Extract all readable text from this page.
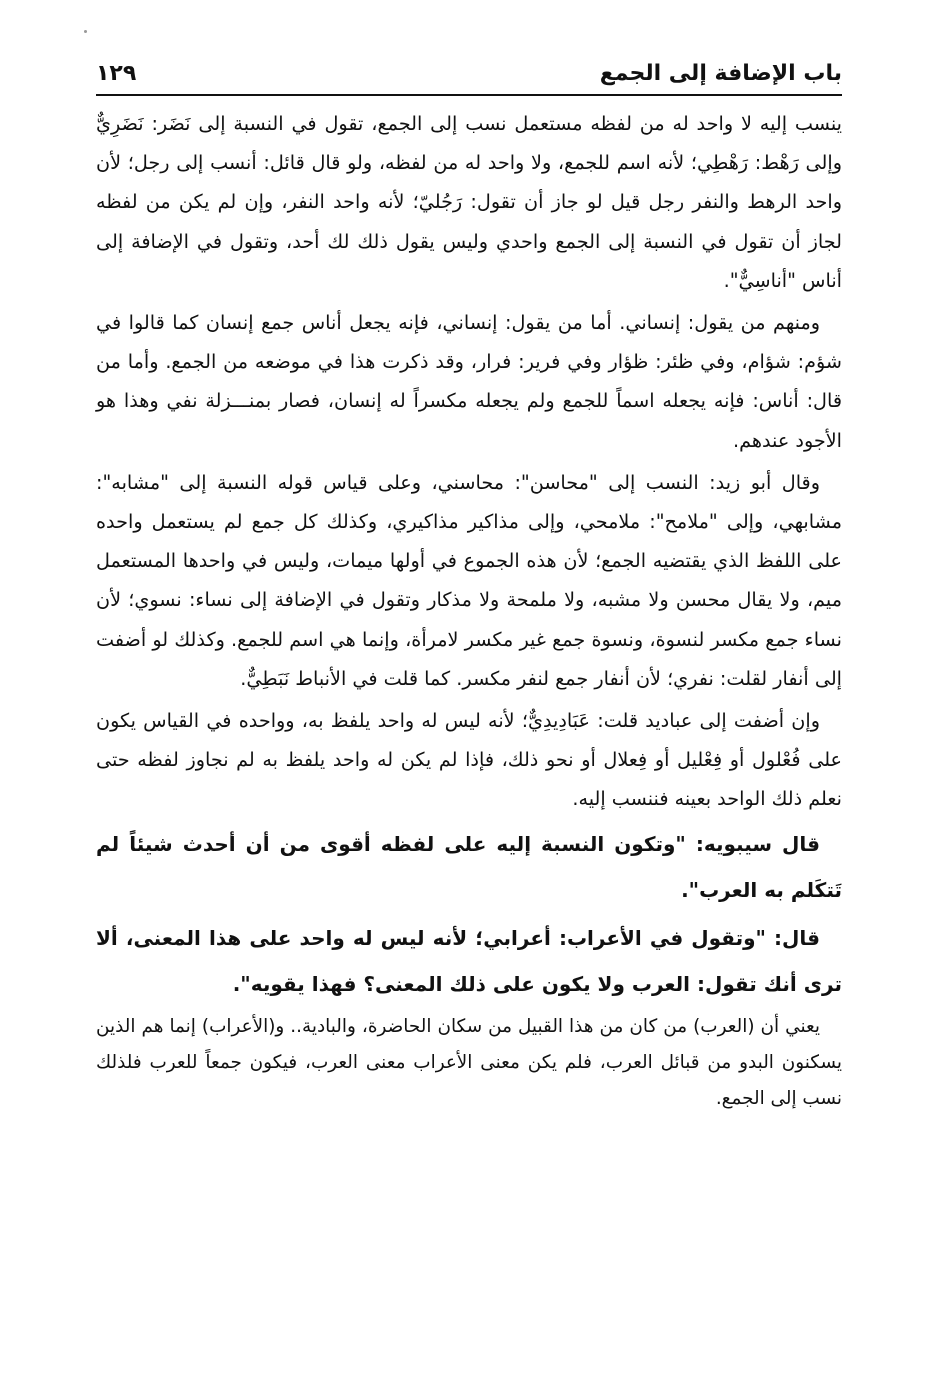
باب الإضافة إلى الجمع
١٢٩

ينسب إليه لا واحد له من لفظه مستعمل نسب إلى الجمع، تقول في النسبة إلى نَضَر: نَضَرِيٌّ وإلى رَهْط: رَهْطِي؛ لأنه اسم للجمع، ولا واحد له من لفظه، ولو قال قائل: أنسب إلى رجل؛ لأن واحد الرهط والنفر رجل قيل لو جاز أن تقول: رَجُليّ؛ لأنه واحد النفر، وإن لم يكن من لفظه لجاز أن تقول في النسبة إلى الجمع واحدي وليس يقول ذلك لك أحد، وتقول في الإضافة إلى أناس "أناسِيٌّ".

ومنهم من يقول: إنساني. أما من يقول: إنساني، فإنه يجعل أناس جمع إنسان كما قالوا في شؤم: شؤام، وفي ظئر: ظؤار وفي فرير: فرار، وقد ذكرت هذا في موضعه من الجمع. وأما من قال: أناس: فإنه يجعله اسماً للجمع ولم يجعله مكسراً له إنسان، فصار بمنـــزلة نفي وهذا هو الأجود عندهم.

وقال أبو زيد: النسب إلى "محاسن": محاسني، وعلى قياس قوله النسبة إلى "مشابه": مشابهي، وإلى "ملامح": ملامحي، وإلى مذاكير مذاكيري، وكذلك كل جمع لم يستعمل واحده على اللفظ الذي يقتضيه الجمع؛ لأن هذه الجموع في أولها ميمات، وليس في واحدها المستعمل ميم، ولا يقال محسن ولا مشبه، ولا ملمحة ولا مذكار وتقول في الإضافة إلى نساء: نسوي؛ لأن نساء جمع مكسر لنسوة، ونسوة جمع غير مكسر لامرأة، وإنما هي اسم للجمع. وكذلك لو أضفت إلى أنفار لقلت: نفري؛ لأن أنفار جمع لنفر مكسر. كما قلت في الأنباط نَبَطِيٌّ.

وإن أضفت إلى عباديد قلت: عَبَادِيدِيٌّ؛ لأنه ليس له واحد يلفظ به، وواحده في القياس يكون على فُعْلول أو فِعْليل أو فِعلال أو نحو ذلك، فإذا لم يكن له واحد يلفظ به لم نجاوز لفظه حتى نعلم ذلك الواحد بعينه فننسب إليه.

قال سيبويه: "وتكون النسبة إليه على لفظه أقوى من أن أحدث شيئاً لم تَتكَلم به العرب".

قال: "وتقول في الأعراب: أعرابي؛ لأنه ليس له واحد على هذا المعنى، ألا ترى أنك تقول: العرب ولا يكون على ذلك المعنى؟ فهذا يقويه".

يعني أن (العرب) من كان من هذا القبيل من سكان الحاضرة، والبادية.. و(الأعراب) إنما هم الذين يسكنون البدو من قبائل العرب، فلم يكن معنى الأعراب معنى العرب، فيكون جمعاً للعرب فلذلك نسب إلى الجمع.
